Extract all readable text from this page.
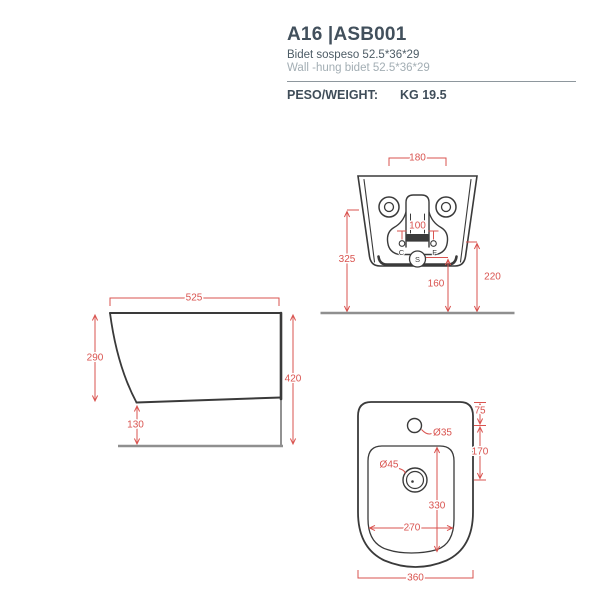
A16 |ASB001
Bidet sospeso 52.5*36*29
Wall -hung bidet 52.5*36*29
PESO/WEIGHT: KG 19.5
C	F
S
180
100
325
160
220
525
290
130
420
Ø35
Ø45
75
170
330
270
360
